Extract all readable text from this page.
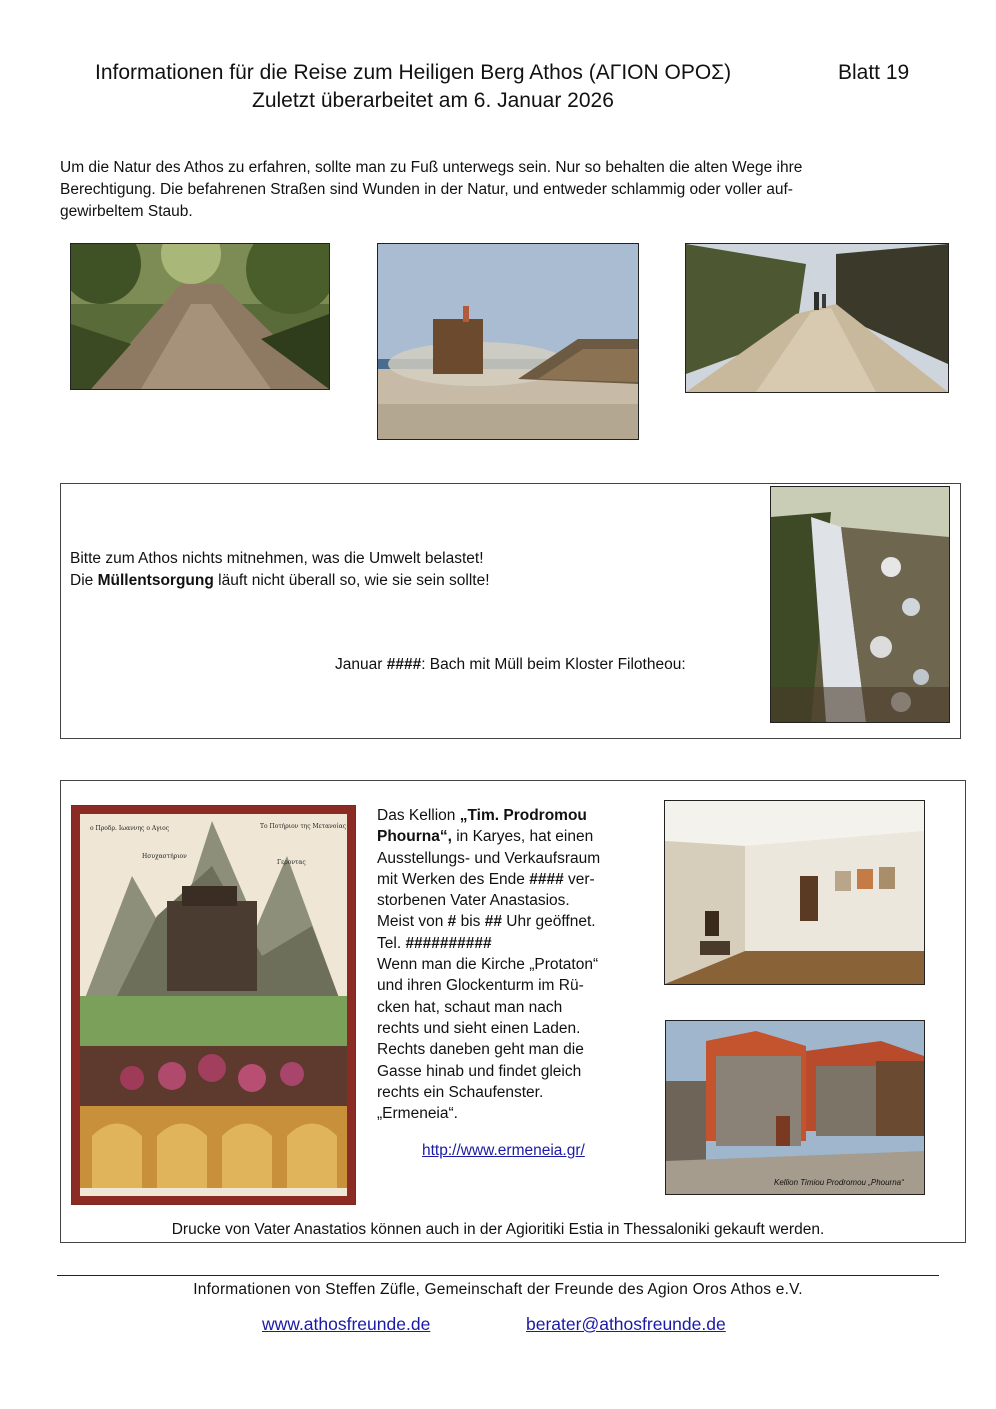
Informationen für die Reise zum Heiligen Berg Athos (ΑΓΙΟΝ ΟΡΟΣ)	Blatt 19
Zuletzt überarbeitet am 6. Januar 2026
Um die Natur des Athos zu erfahren, sollte man zu Fuß unterwegs sein. Nur so behalten die alten Wege ihre
Berechtigung. Die befahrenen Straßen sind Wunden in der Natur, und entweder schlammig oder voller auf-
gewirbeltem Staub.
Bitte zum Athos nichts mitnehmen, was die Umwelt belastet!
Die Müllentsorgung läuft nicht überall so, wie sie sein sollte!
Januar ####: Bach mit Müll beim Kloster Filotheou:
ο Προδρ. Ιωαννης ο Αγιος	Το Ποτήριον της Μετανοίας
Ησυχαστήριον
Γεροντας
Das Kellion „Tim. Prodromou
Phourna“, in Karyes, hat einen
Ausstellungs- und Verkaufsraum
mit Werken des Ende #### ver-
storbenen Vater Anastasios.
Meist von # bis ## Uhr geöffnet.
Tel. ##########
Wenn man die Kirche „Protaton“
und ihren Glockenturm im Rü-
cken hat, schaut man nach
rechts und sieht einen Laden.
Rechts daneben geht man die
Gasse hinab und findet gleich
rechts ein Schaufenster.
„Ermeneia“.
http://www.ermeneia.gr/
Kellion Timiou Prodromou „Phourna“
Drucke von Vater Anastatios können auch in der Agioritiki Estia in Thessaloniki gekauft werden.
Informationen von Steffen Züfle, Gemeinschaft der Freunde des Agion Oros Athos e.V.
www.athosfreunde.de	berater@athosfreunde.de
